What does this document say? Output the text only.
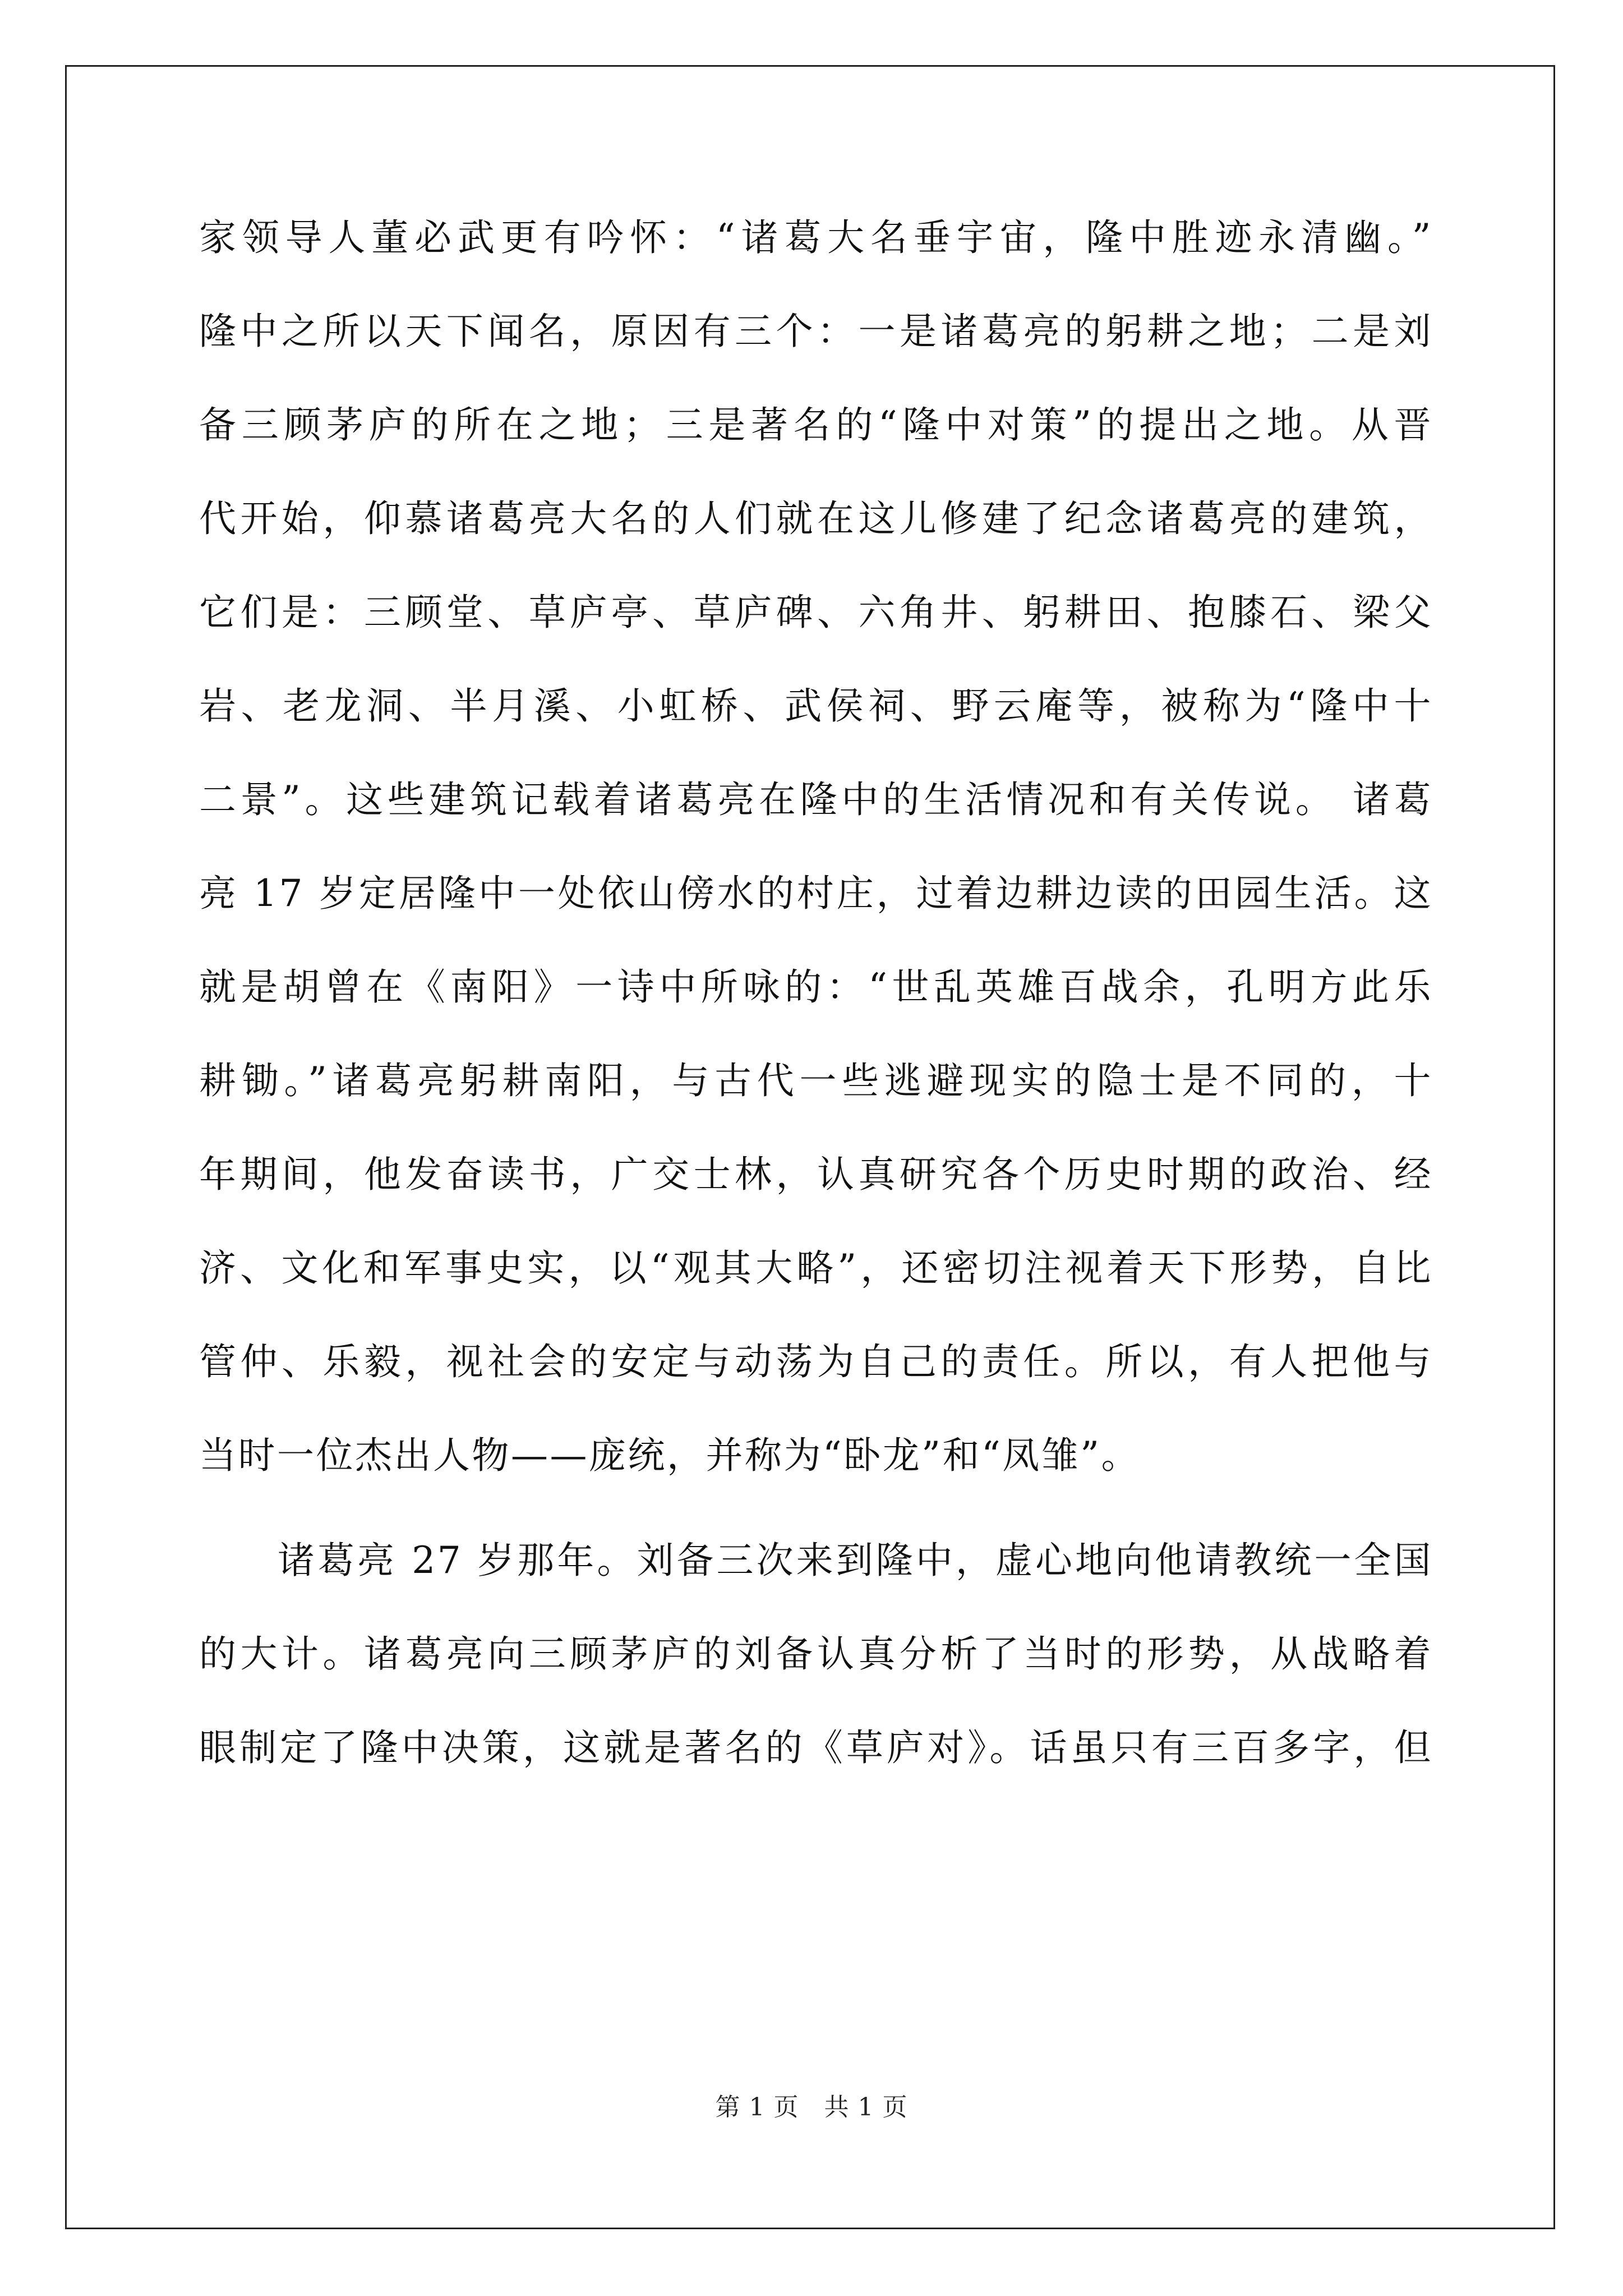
家领导人董必武更有吟怀：“诸葛大名垂宇宙，隆中胜迹永清幽。”
隆中之所以天下闻名，原因有三个：一是诸葛亮的躬耕之地；二是刘
备三顾茅庐的所在之地；三是著名的“隆中对策”的提出之地。从晋
代开始，仰慕诸葛亮大名的人们就在这儿修建了纪念诸葛亮的建筑，
它们是：三顾堂、草庐亭、草庐碑、六角井、躬耕田、抱膝石、梁父
岩、老龙洞、半月溪、小虹桥、武侯祠、野云庵等，被称为“隆中十
二景”。这些建筑记载着诸葛亮在隆中的生活情况和有关传说。 诸葛
亮 17 岁定居隆中一处依山傍水的村庄，过着边耕边读的田园生活。这
就是胡曾在《南阳》一诗中所咏的：“世乱英雄百战余，孔明方此乐
耕锄。”诸葛亮躬耕南阳，与古代一些逃避现实的隐士是不同的，十
年期间，他发奋读书，广交士林，认真研究各个历史时期的政治、经
济、文化和军事史实，以“观其大略”，还密切注视着天下形势，自比
管仲、乐毅，视社会的安定与动荡为自己的责任。所以，有人把他与
当时一位杰出人物——庞统，并称为“卧龙”和“凤雏”。
诸葛亮 27 岁那年。刘备三次来到隆中，虚心地向他请教统一全国
的大计。诸葛亮向三顾茅庐的刘备认真分析了当时的形势，从战略着
眼制定了隆中决策，这就是著名的《草庐对》。话虽只有三百多字，但
第 1 页　共 1 页
